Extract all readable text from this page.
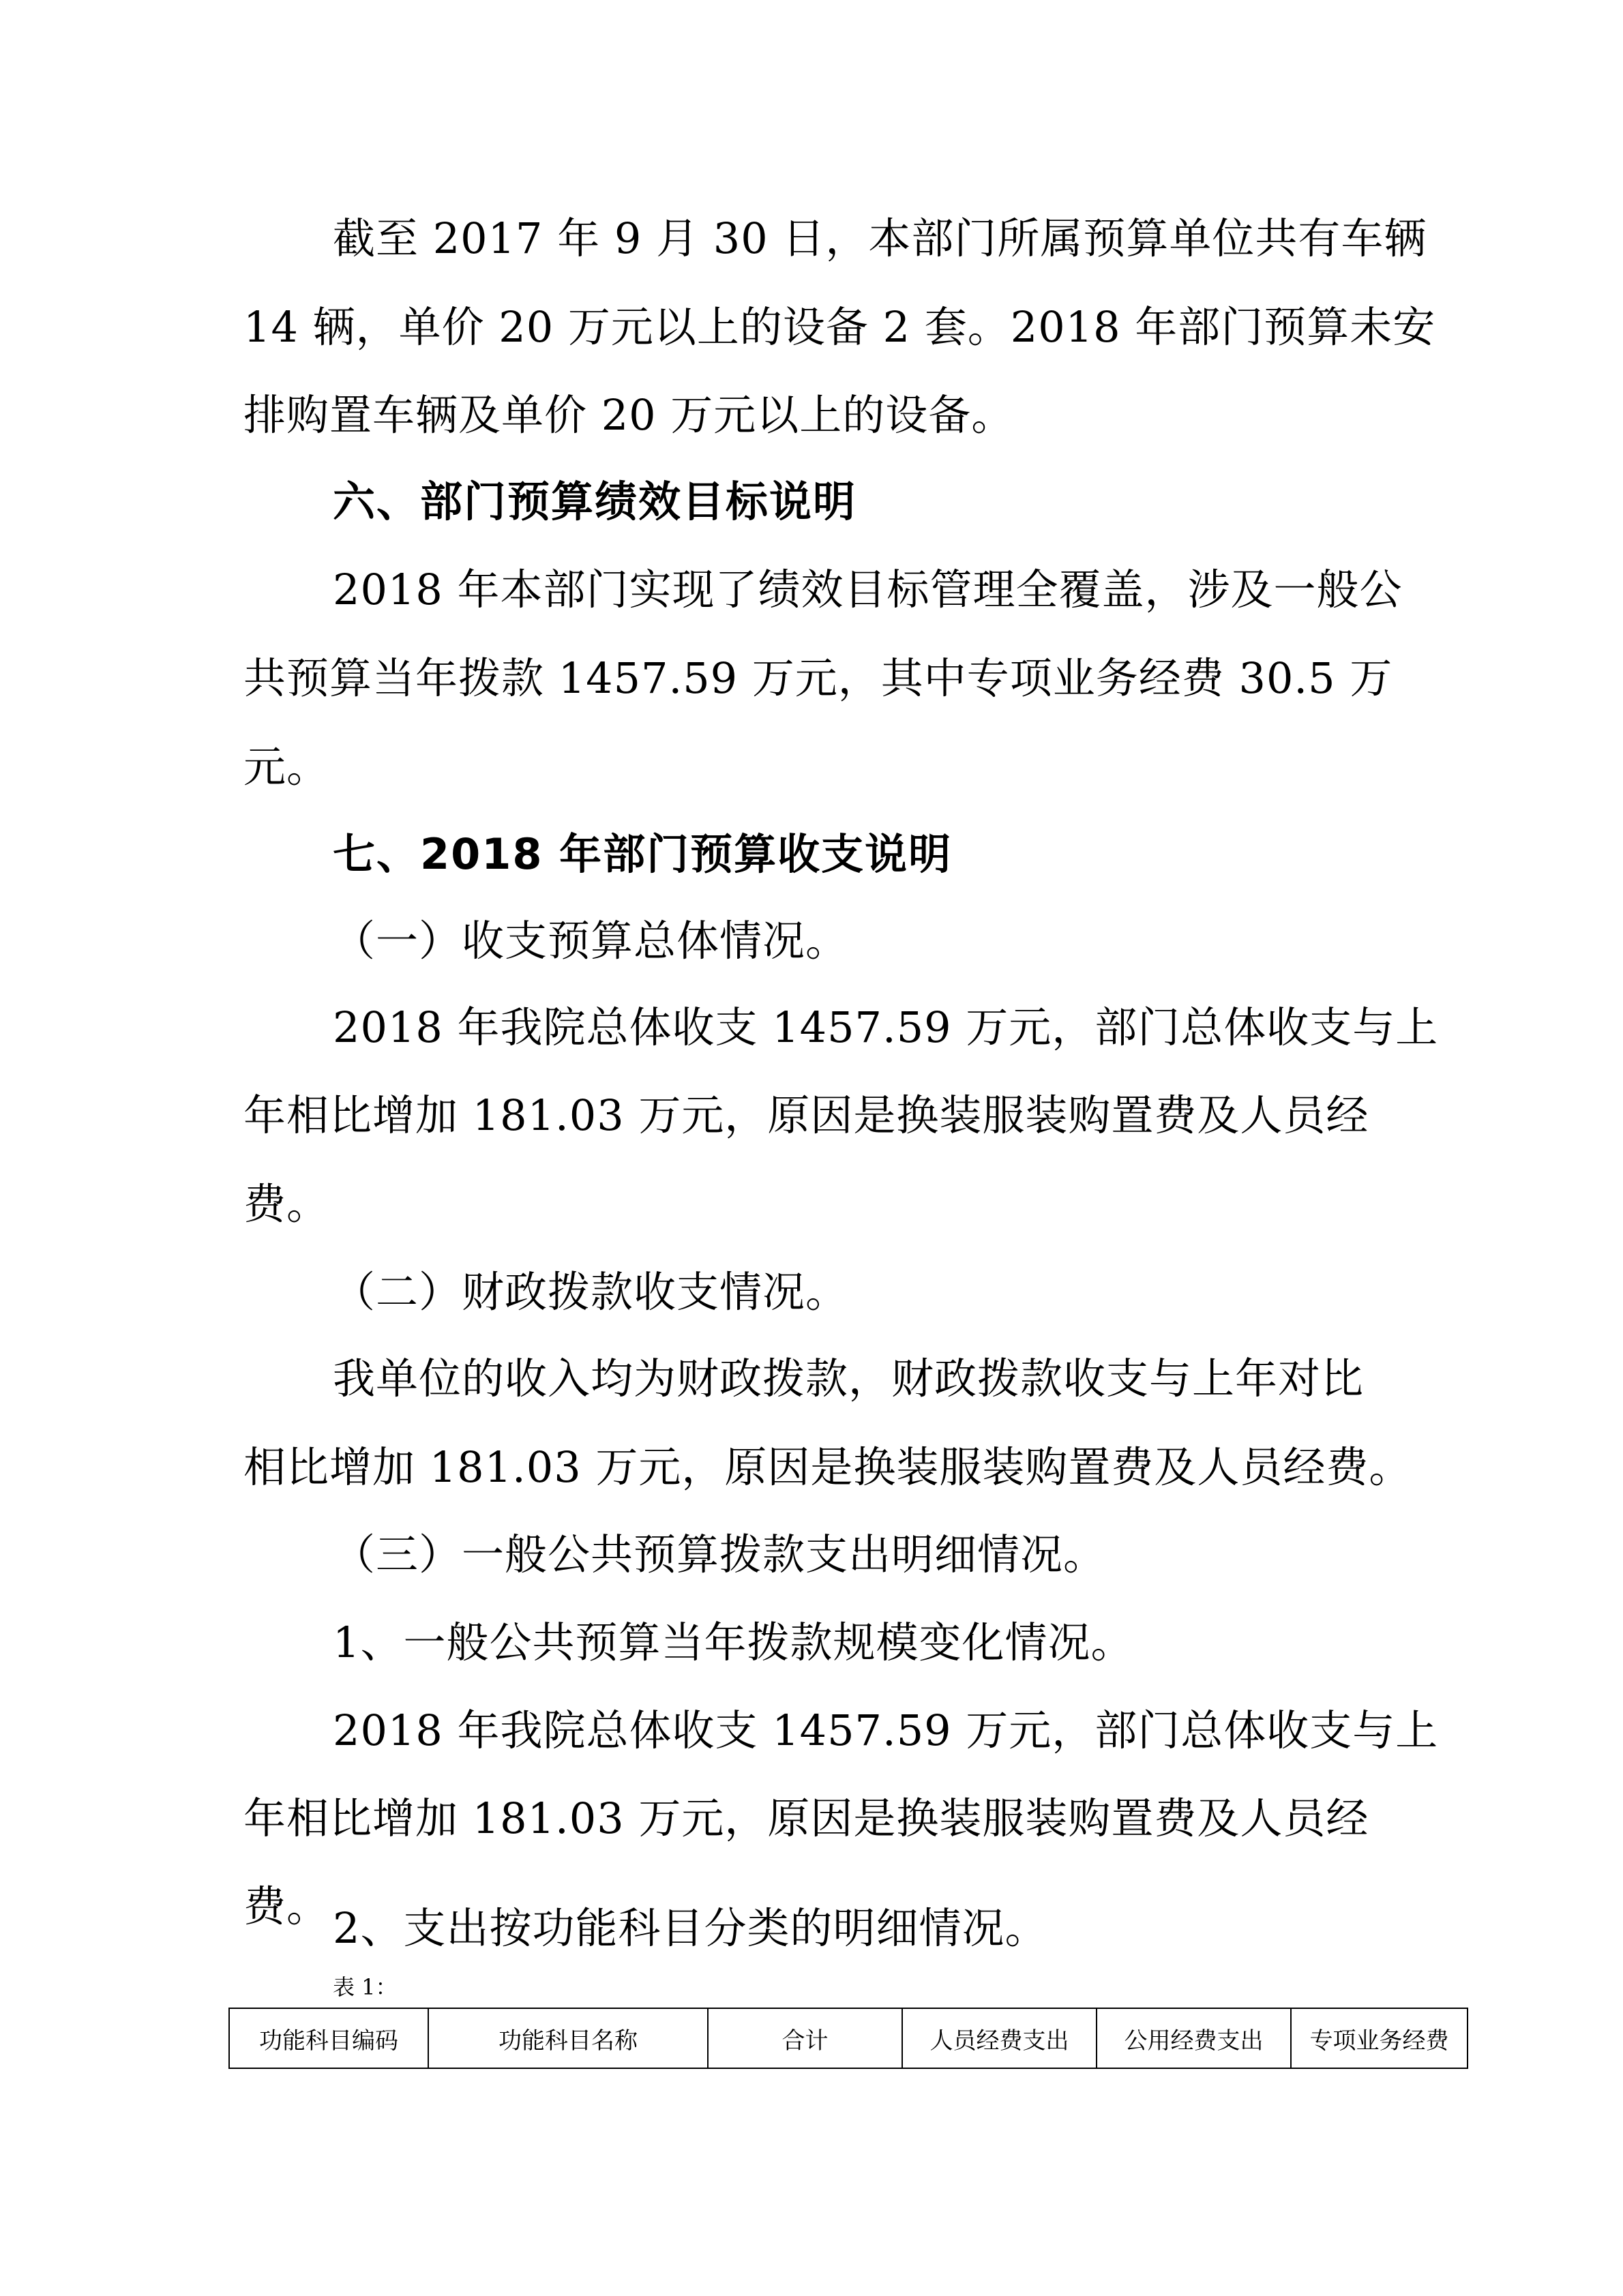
截至 2017 年 9 月 30 日，本部门所属预算单位共有车辆
14 辆，单价 20 万元以上的设备 2 套。2018 年部门预算未安
排购置车辆及单价 20 万元以上的设备。
六、部门预算绩效目标说明
2018 年本部门实现了绩效目标管理全覆盖，涉及一般公
共预算当年拨款 1457.59 万元，其中专项业务经费 30.5 万
元。
七、2018 年部门预算收支说明
（一）收支预算总体情况。
2018 年我院总体收支 1457.59 万元，部门总体收支与上
年相比增加 181.03 万元，原因是换装服装购置费及人员经
费。
（二）财政拨款收支情况。
我单位的收入均为财政拨款，财政拨款收支与上年对比
相比增加 181.03 万元，原因是换装服装购置费及人员经费。
（三）一般公共预算拨款支出明细情况。
1、一般公共预算当年拨款规模变化情况。
2018 年我院总体收支 1457.59 万元，部门总体收支与上
年相比增加 181.03 万元，原因是换装服装购置费及人员经
费。 2、支出按功能科目分类的明细情况。
表 1：
功能科目编码	功能科目名称	合计	人员经费支出	公用经费支出	专项业务经费
